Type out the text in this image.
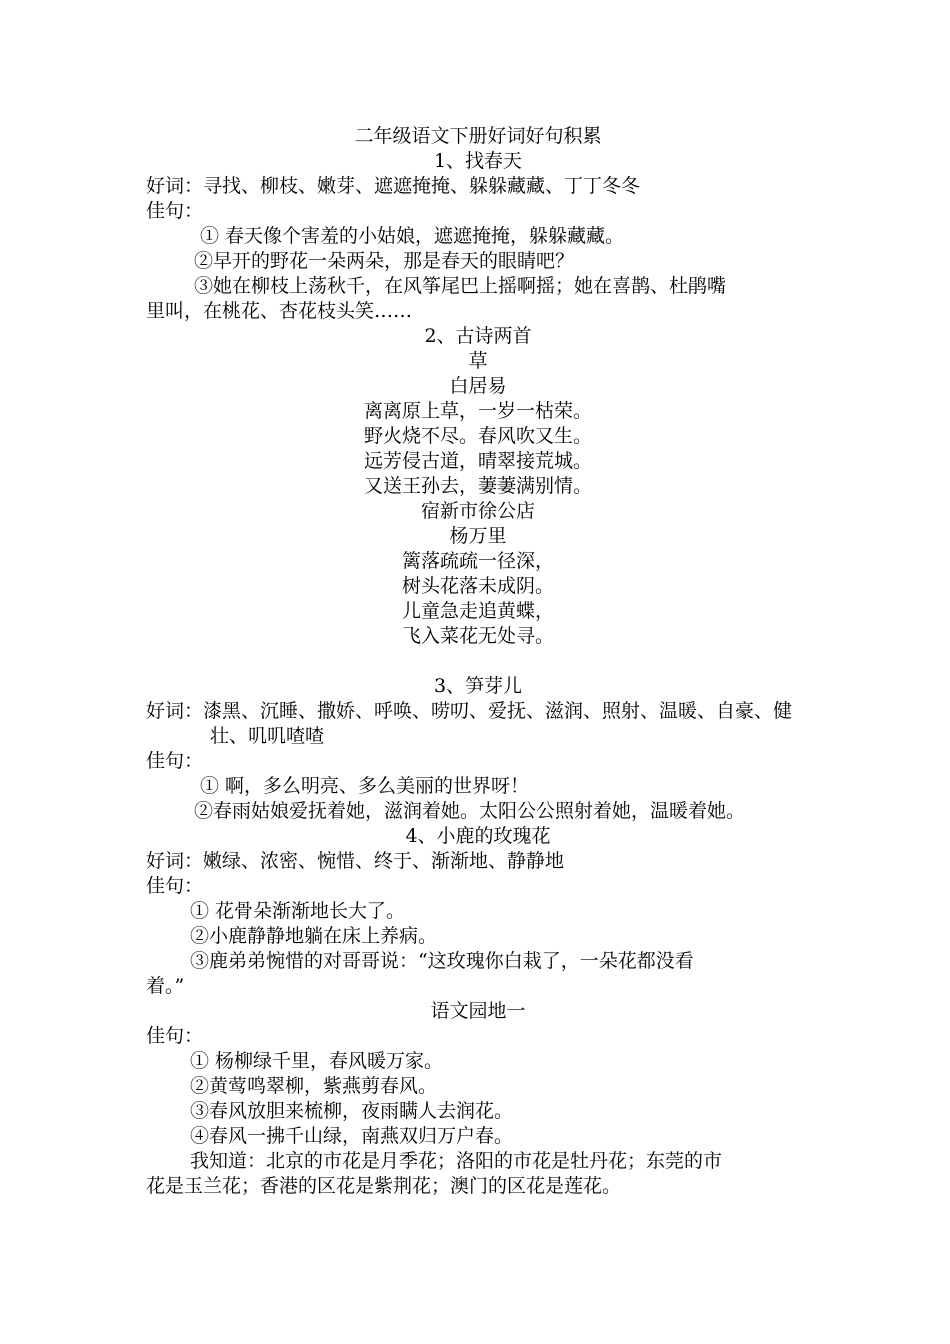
二年级语文下册好词好句积累

1、找春天

好词：寻找、柳枝、嫩芽、遮遮掩掩、躲躲藏藏、丁丁冬冬

佳句：

① 春天像个害羞的小姑娘，遮遮掩掩，躲躲藏藏。

②早开的野花一朵两朵，那是春天的眼睛吧？

③她在柳枝上荡秋千，在风筝尾巴上摇啊摇；她在喜鹊、杜鹃嘴

里叫，在桃花、杏花枝头笑……

2、古诗两首

草

白居易

离离原上草，一岁一枯荣。

野火烧不尽。春风吹又生。

远芳侵古道，晴翠接荒城。

又送王孙去，萋萋满别情。

宿新市徐公店

杨万里

篱落疏疏一径深，

树头花落未成阴。

儿童急走追黄蝶，

飞入菜花无处寻。

3、笋芽儿

好词：漆黑、沉睡、撒娇、呼唤、唠叨、爱抚、滋润、照射、温暖、自豪、健

壮、叽叽喳喳

佳句：

① 啊，多么明亮、多么美丽的世界呀！

②春雨姑娘爱抚着她，滋润着她。太阳公公照射着她，温暖着她。

4、小鹿的玫瑰花

好词：嫩绿、浓密、惋惜、终于、渐渐地、静静地

佳句：

① 花骨朵渐渐地长大了。

②小鹿静静地躺在床上养病。

③鹿弟弟惋惜的对哥哥说：“这玫瑰你白栽了，一朵花都没看

着。”

语文园地一

佳句：

① 杨柳绿千里，春风暖万家。

②黄莺鸣翠柳，紫燕剪春风。

③春风放胆来梳柳，夜雨瞒人去润花。

④春风一拂千山绿，南燕双归万户春。

我知道：北京的市花是月季花；洛阳的市花是牡丹花；东莞的市

花是玉兰花；香港的区花是紫荆花；澳门的区花是莲花。
